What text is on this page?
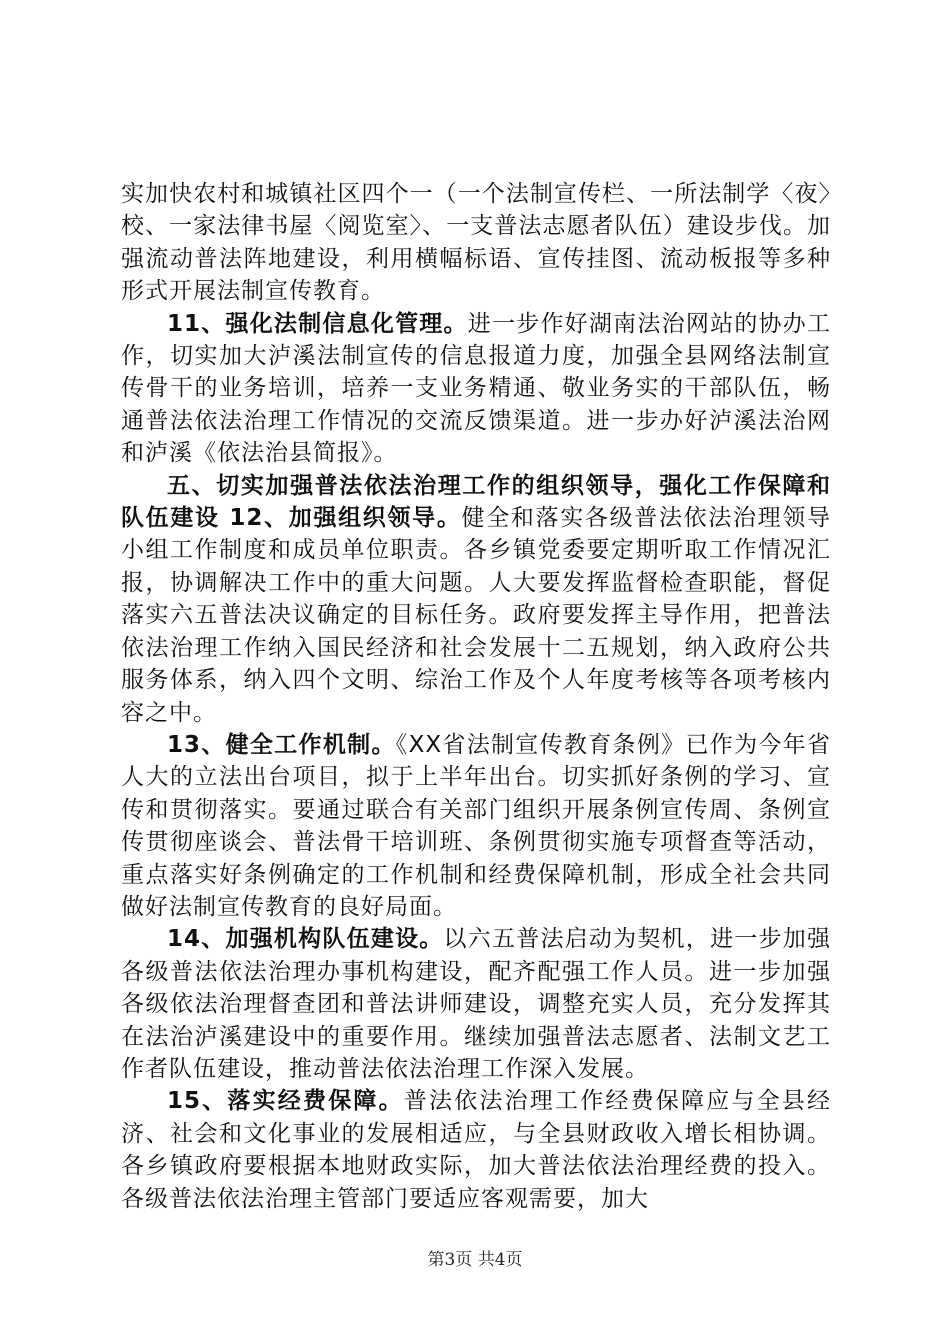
实加快农村和城镇社区四个一（一个法制宣传栏、一所法制学〈夜〉校、一家法律书屋〈阅览室〉、一支普法志愿者队伍）建设步伐。加强流动普法阵地建设，利用横幅标语、宣传挂图、流动板报等多种形式开展法制宣传教育。

11、强化法制信息化管理。进一步作好湖南法治网站的协办工作，切实加大泸溪法制宣传的信息报道力度，加强全县网络法制宣传骨干的业务培训，培养一支业务精通、敬业务实的干部队伍，畅通普法依法治理工作情况的交流反馈渠道。进一步办好泸溪法治网和泸溪《依法治县简报》。

五、切实加强普法依法治理工作的组织领导，强化工作保障和队伍建设 12、加强组织领导。健全和落实各级普法依法治理领导小组工作制度和成员单位职责。各乡镇党委要定期听取工作情况汇报，协调解决工作中的重大问题。人大要发挥监督检查职能，督促落实六五普法决议确定的目标任务。政府要发挥主导作用，把普法依法治理工作纳入国民经济和社会发展十二五规划，纳入政府公共服务体系，纳入四个文明、综治工作及个人年度考核等各项考核内容之中。

13、健全工作机制。《XX省法制宣传教育条例》已作为今年省人大的立法出台项目，拟于上半年出台。切实抓好条例的学习、宣传和贯彻落实。要通过联合有关部门组织开展条例宣传周、条例宣传贯彻座谈会、普法骨干培训班、条例贯彻实施专项督查等活动，重点落实好条例确定的工作机制和经费保障机制，形成全社会共同做好法制宣传教育的良好局面。

14、加强机构队伍建设。以六五普法启动为契机，进一步加强各级普法依法治理办事机构建设，配齐配强工作人员。进一步加强各级依法治理督查团和普法讲师建设，调整充实人员，充分发挥其在法治泸溪建设中的重要作用。继续加强普法志愿者、法制文艺工作者队伍建设，推动普法依法治理工作深入发展。

15、落实经费保障。普法依法治理工作经费保障应与全县经济、社会和文化事业的发展相适应，与全县财政收入增长相协调。各乡镇政府要根据本地财政实际，加大普法依法治理经费的投入。各级普法依法治理主管部门要适应客观需要，加大

第3页 共4页
